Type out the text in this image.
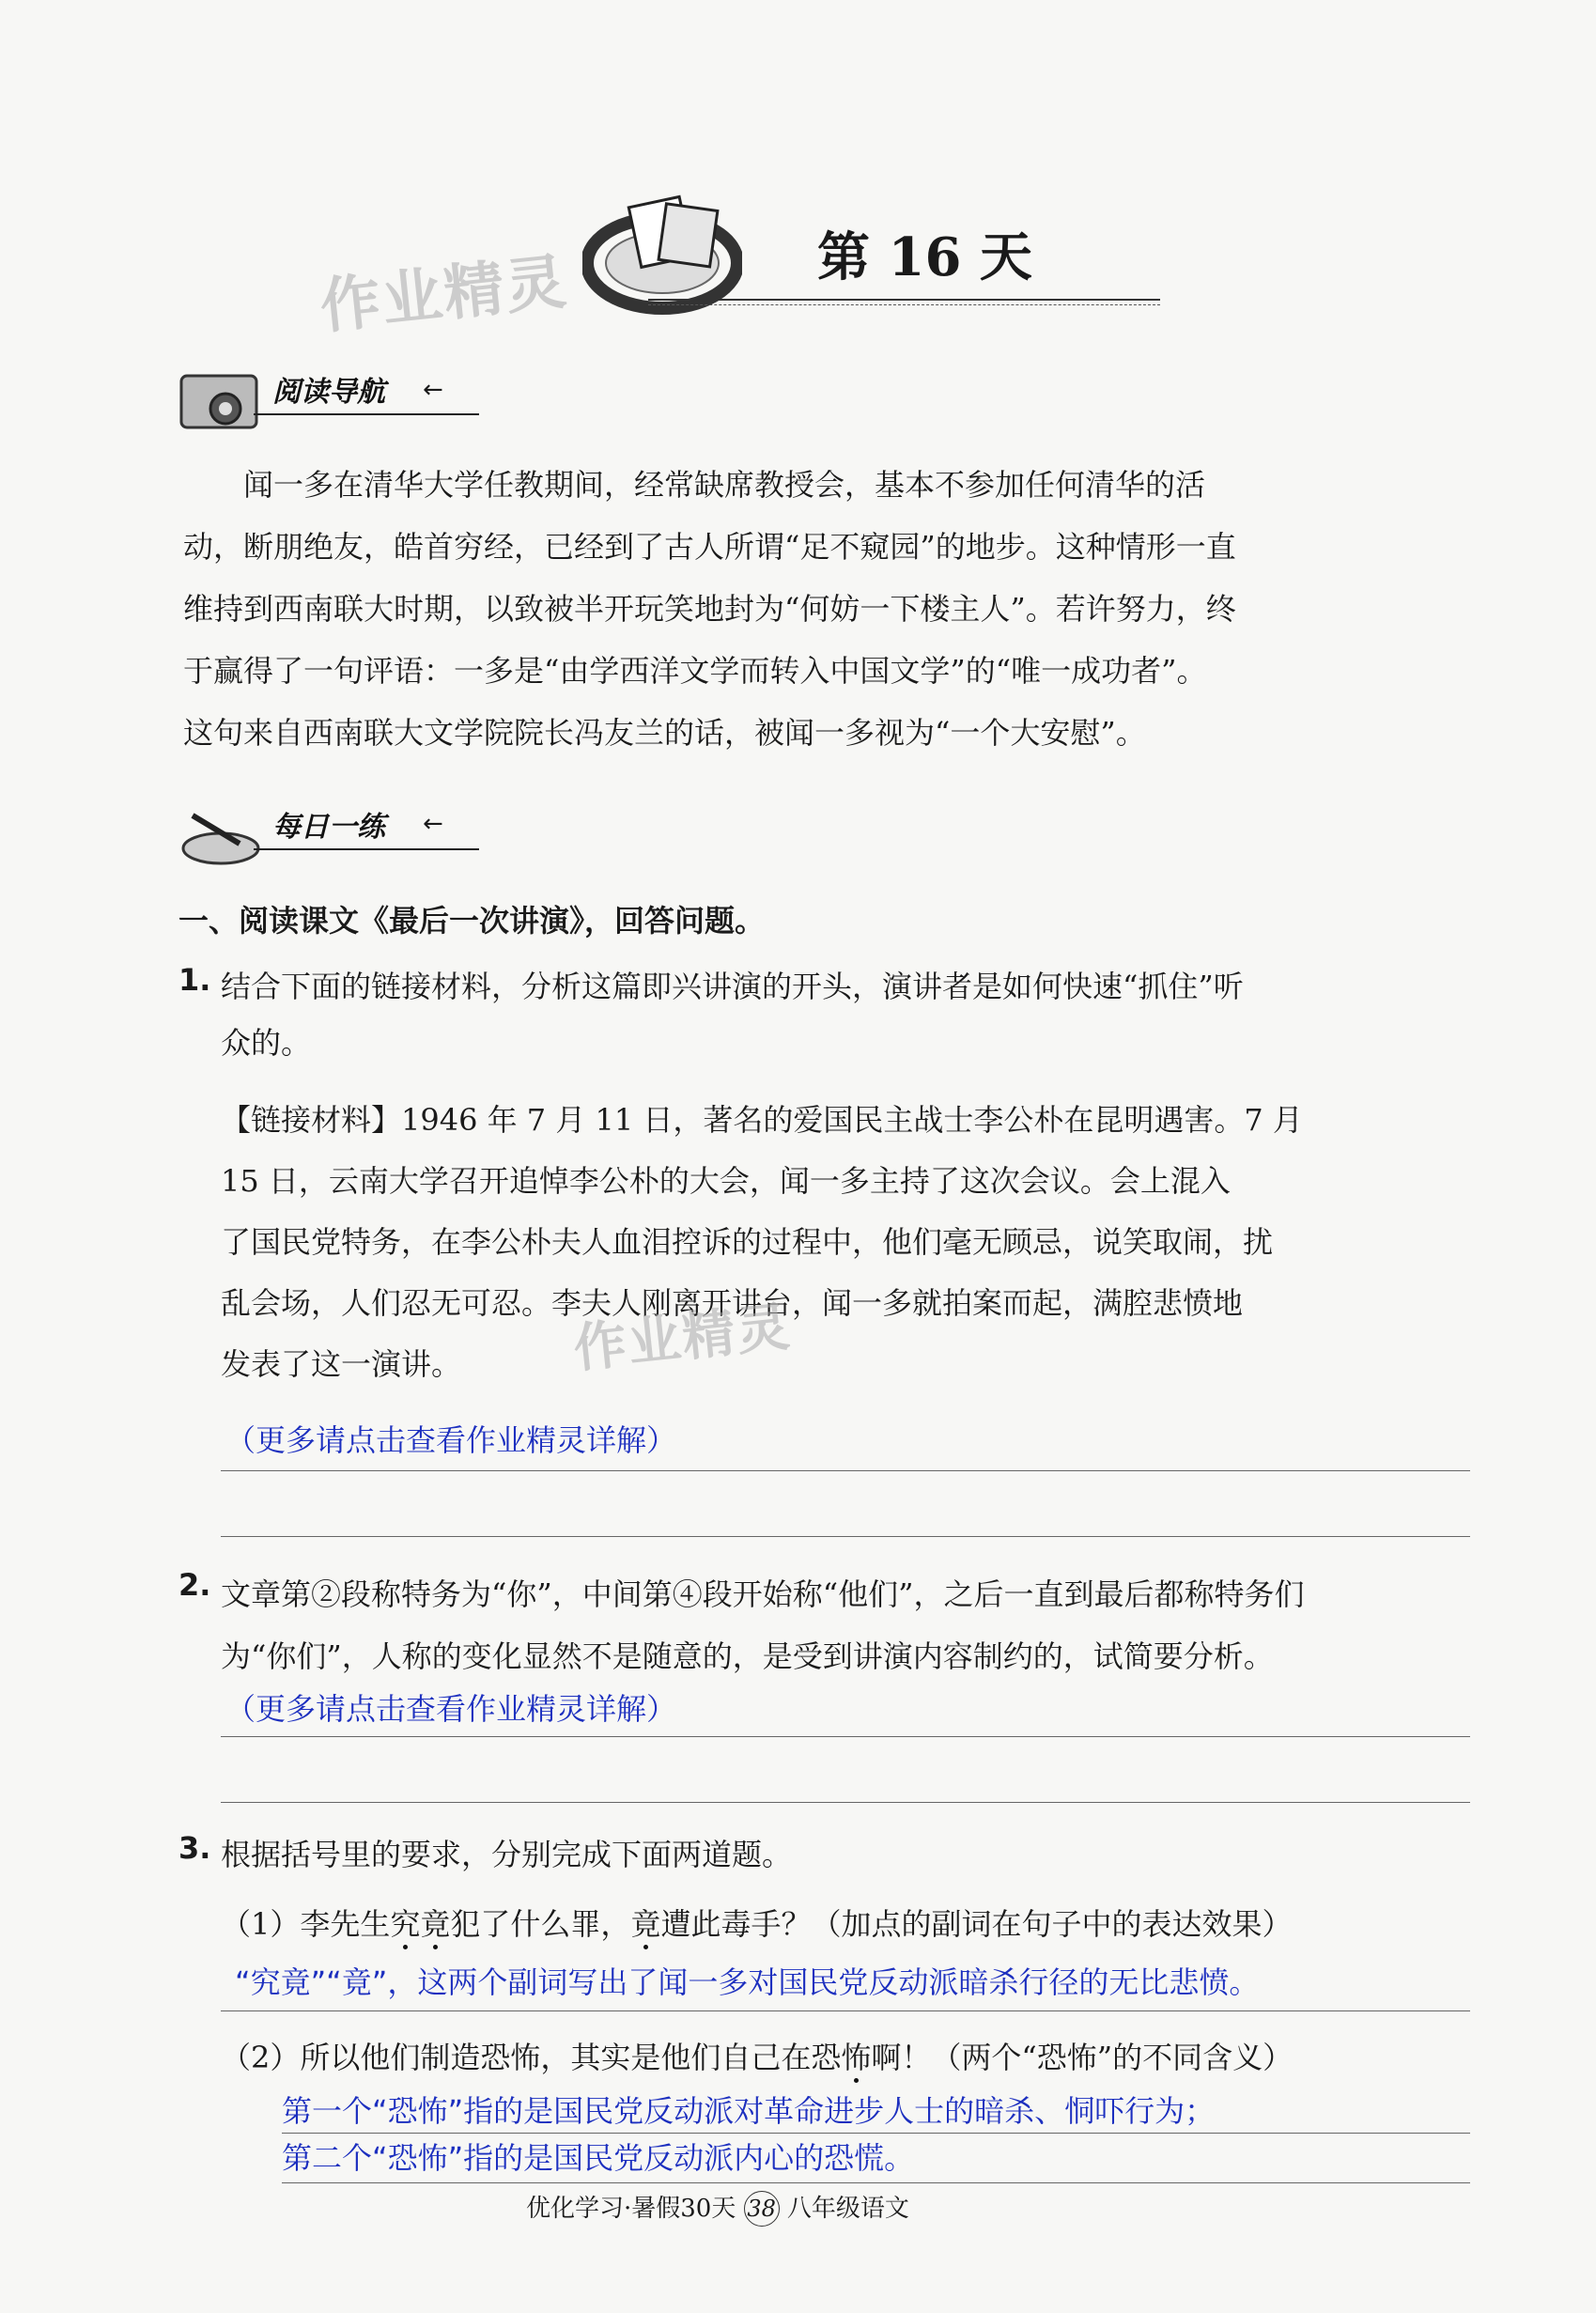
作业精灵	第 16 天
阅读导航 ←
闻一多在清华大学任教期间，经常缺席教授会，基本不参加任何清华的活
动，断朋绝友，皓首穷经，已经到了古人所谓“足不窥园”的地步。这种情形一直
维持到西南联大时期，以致被半开玩笑地封为“何妨一下楼主人”。若许努力，终
于赢得了一句评语：一多是“由学西洋文学而转入中国文学”的“唯一成功者”。
这句来自西南联大文学院院长冯友兰的话，被闻一多视为“一个大安慰”。
每日一练 ←
一、阅读课文《最后一次讲演》，回答问题。
1. 结合下面的链接材料，分析这篇即兴讲演的开头，演讲者是如何快速“抓住”听
众的。
【链接材料】1946 年 7 月 11 日，著名的爱国民主战士李公朴在昆明遇害。7 月
15 日，云南大学召开追悼李公朴的大会，闻一多主持了这次会议。会上混入
了国民党特务，在李公朴夫人血泪控诉的过程中，他们毫无顾忌，说笑取闹，扰
乱会场，人们忍无可忍。李夫人刚离开讲台，闻一多就拍案而起，满腔悲愤地
发表了这一演讲。	作业精灵
（更多请点击查看作业精灵详解）
2. 文章第②段称特务为“你”，中间第④段开始称“他们”，之后一直到最后都称特务们
为“你们”，人称的变化显然不是随意的，是受到讲演内容制约的，试简要分析。
（更多请点击查看作业精灵详解）
3. 根据括号里的要求，分别完成下面两道题。
（1）李先生究竟犯了什么罪，竟遭此毒手？（加点的副词在句子中的表达效果）
“究竟”“竟”，这两个副词写出了闻一多对国民党反动派暗杀行径的无比悲愤。
（2）所以他们制造恐怖，其实是他们自己在恐怖啊！（两个“恐怖”的不同含义）
第一个“恐怖”指的是国民党反动派对革命进步人士的暗杀、恫吓行为；
第二个“恐怖”指的是国民党反动派内心的恐慌。
优化学习·暑假30天 38 八年级语文
